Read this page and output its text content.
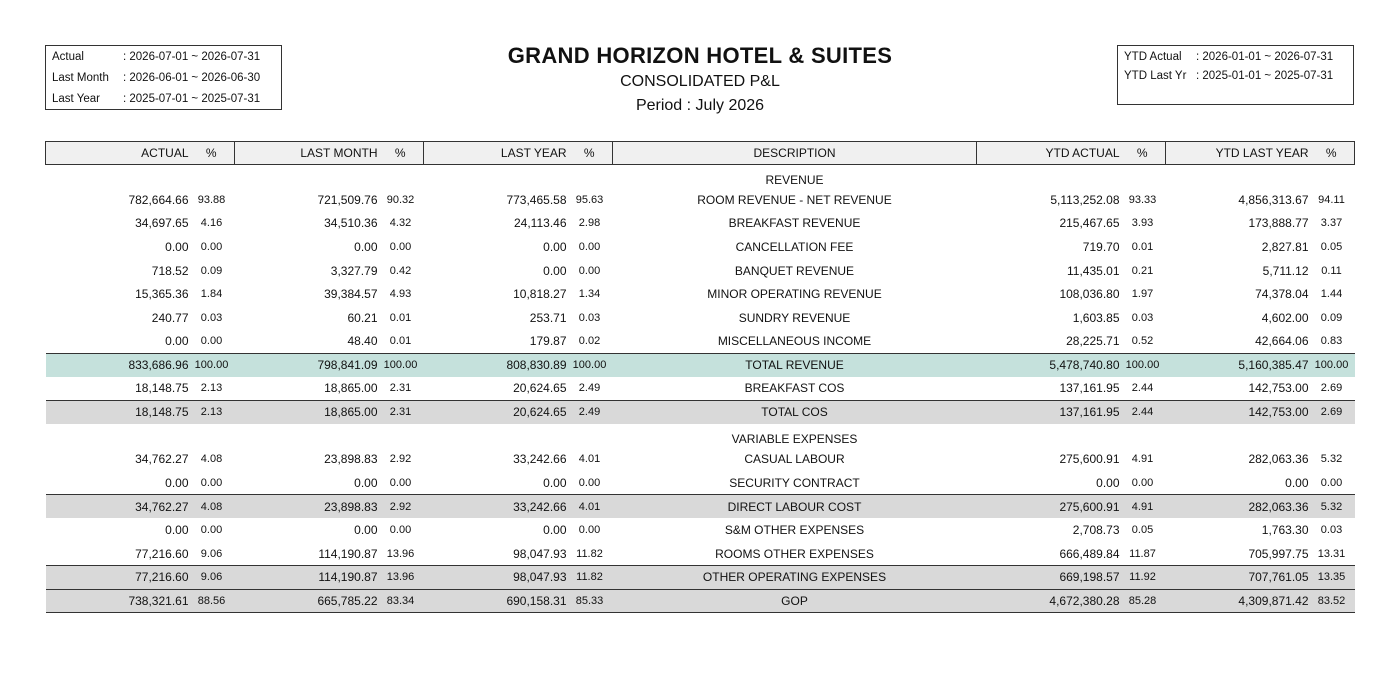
Actual	: 2026-07-01 ~ 2026-07-31
Last Month	: 2026-06-01 ~ 2026-06-30
Last Year	: 2025-07-01 ~ 2025-07-31
GRAND HORIZON HOTEL & SUITES
CONSOLIDATED P&L
Period : July 2026
YTD Actual	: 2026-01-01 ~ 2026-07-31
YTD Last Yr : 2025-01-01 ~ 2025-07-31
ACTUAL	%	LAST MONTH	%	LAST YEAR	%	DESCRIPTION	YTD ACTUAL	%	YTD LAST YEAR	%
						REVENUE				
782,664.66	93.88	721,509.76	90.32	773,465.58	95.63	ROOM REVENUE - NET REVENUE	5,113,252.08	93.33	4,856,313.67	94.11
34,697.65	4.16	34,510.36	4.32	24,113.46	2.98	BREAKFAST REVENUE	215,467.65	3.93	173,888.77	3.37
0.00	0.00	0.00	0.00	0.00	0.00	CANCELLATION FEE	719.70	0.01	2,827.81	0.05
718.52	0.09	3,327.79	0.42	0.00	0.00	BANQUET REVENUE	11,435.01	0.21	5,711.12	0.11
15,365.36	1.84	39,384.57	4.93	10,818.27	1.34	MINOR OPERATING REVENUE	108,036.80	1.97	74,378.04	1.44
240.77	0.03	60.21	0.01	253.71	0.03	SUNDRY REVENUE	1,603.85	0.03	4,602.00	0.09
0.00	0.00	48.40	0.01	179.87	0.02	MISCELLANEOUS INCOME	28,225.71	0.52	42,664.06	0.83
833,686.96	100.00	798,841.09	100.00	808,830.89	100.00	TOTAL REVENUE	5,478,740.80	100.00	5,160,385.47	100.00
18,148.75	2.13	18,865.00	2.31	20,624.65	2.49	BREAKFAST COS	137,161.95	2.44	142,753.00	2.69
18,148.75	2.13	18,865.00	2.31	20,624.65	2.49	TOTAL COS	137,161.95	2.44	142,753.00	2.69
						VARIABLE EXPENSES				
34,762.27	4.08	23,898.83	2.92	33,242.66	4.01	CASUAL LABOUR	275,600.91	4.91	282,063.36	5.32
0.00	0.00	0.00	0.00	0.00	0.00	SECURITY CONTRACT	0.00	0.00	0.00	0.00
34,762.27	4.08	23,898.83	2.92	33,242.66	4.01	DIRECT LABOUR COST	275,600.91	4.91	282,063.36	5.32
0.00	0.00	0.00	0.00	0.00	0.00	S&M OTHER EXPENSES	2,708.73	0.05	1,763.30	0.03
77,216.60	9.06	114,190.87	13.96	98,047.93	11.82	ROOMS OTHER EXPENSES	666,489.84	11.87	705,997.75	13.31
77,216.60	9.06	114,190.87	13.96	98,047.93	11.82	OTHER OPERATING EXPENSES	669,198.57	11.92	707,761.05	13.35
738,321.61	88.56	665,785.22	83.34	690,158.31	85.33	GOP	4,672,380.28	85.28	4,309,871.42	83.52
